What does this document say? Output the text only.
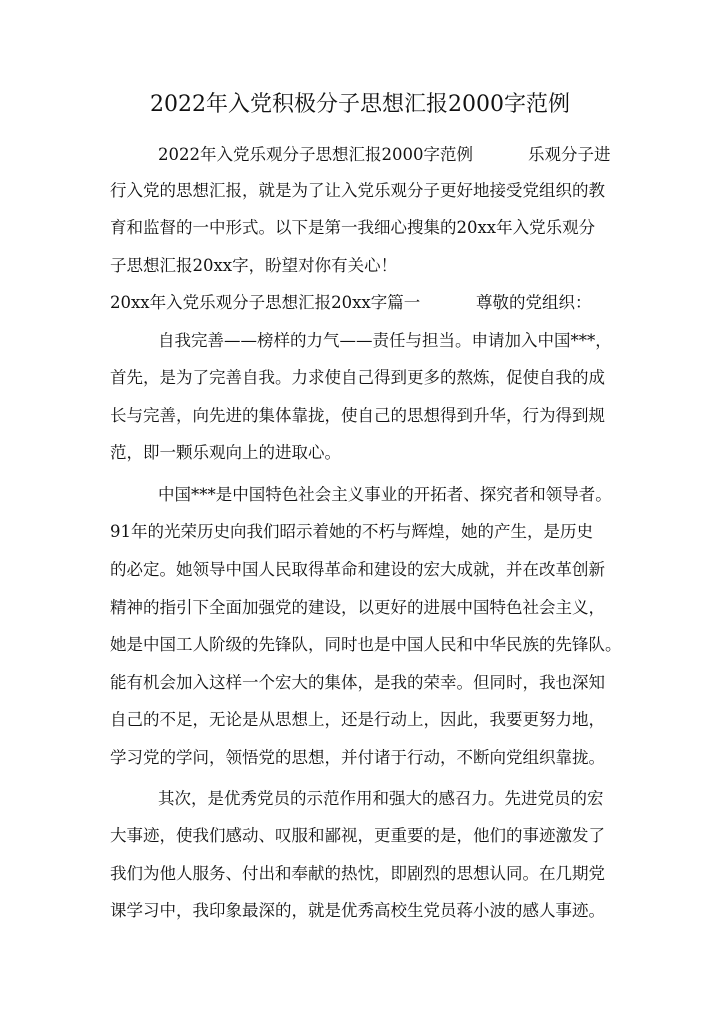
2022年入党积极分子思想汇报2000字范例
2022年入党乐观分子思想汇报2000字范例	乐观分子进
行入党的思想汇报，就是为了让入党乐观分子更好地接受党组织的教
育和监督的一中形式。以下是第一我细心搜集的20xx年入党乐观分
子思想汇报20xx字，盼望对你有关心！
20xx年入党乐观分子思想汇报20xx字篇一	尊敬的党组织：
自我完善——榜样的力气——责任与担当。申请加入中国***，
首先，是为了完善自我。力求使自己得到更多的熬炼，促使自我的成
长与完善，向先进的集体靠拢，使自己的思想得到升华，行为得到规
范，即一颗乐观向上的进取心。
中国***是中国特色社会主义事业的开拓者、探究者和领导者。
91年的光荣历史向我们昭示着她的不朽与辉煌，她的产生，是历史
的必定。她领导中国人民取得革命和建设的宏大成就，并在改革创新
精神的指引下全面加强党的建设，以更好的进展中国特色社会主义，
她是中国工人阶级的先锋队，同时也是中国人民和中华民族的先锋队。
能有机会加入这样一个宏大的集体，是我的荣幸。但同时，我也深知
自己的不足，无论是从思想上，还是行动上，因此，我要更努力地，
学习党的学问，领悟党的思想，并付诸于行动，不断向党组织靠拢。
其次，是优秀党员的示范作用和强大的感召力。先进党员的宏
大事迹，使我们感动、叹服和鄙视，更重要的是，他们的事迹激发了
我们为他人服务、付出和奉献的热忱，即剧烈的思想认同。在几期党
课学习中，我印象最深的，就是优秀高校生党员蒋小波的感人事迹。
